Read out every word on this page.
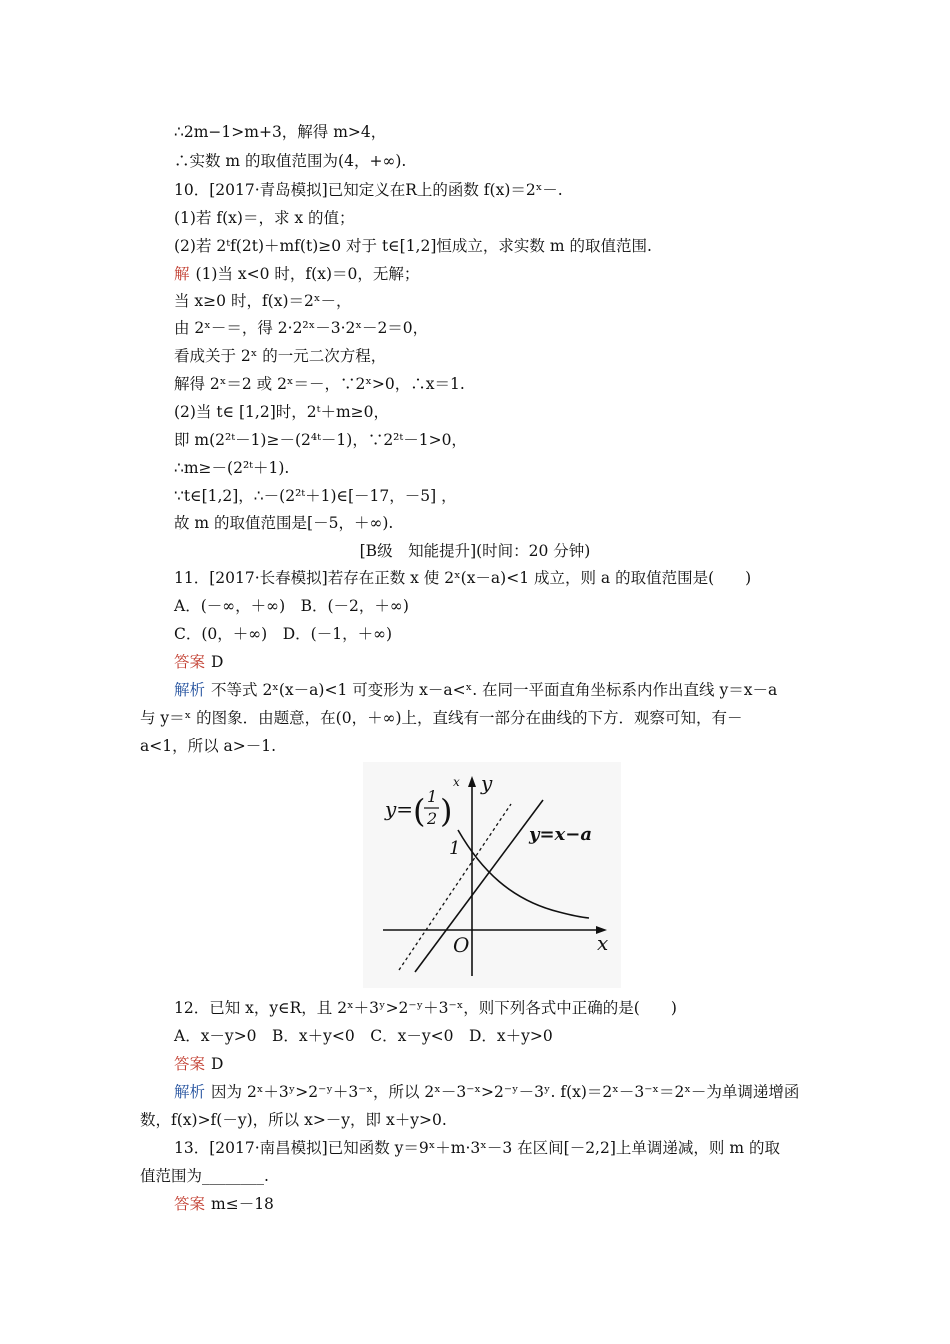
∴2m−1>m+3，解得 m>4，
∴实数 m 的取值范围为(4，+∞).
10．[2017·青岛模拟]已知定义在R上的函数 f(x)＝2ˣ－.
(1)若 f(x)＝，求 x 的值；
(2)若 2ᵗf(2t)＋mf(t)≥0 对于 t∈[1,2]恒成立，求实数 m 的取值范围.
解 (1)当 x<0 时，f(x)＝0，无解；
当 x≥0 时，f(x)＝2ˣ－，
由 2ˣ－＝，得 2·2²ˣ－3·2ˣ－2＝0，
看成关于 2ˣ 的一元二次方程，
解得 2ˣ＝2 或 2ˣ＝－，∵2ˣ>0，∴x＝1.
(2)当 t∈ [1,2]时，2ᵗ＋m≥0，
即 m(2²ᵗ－1)≥－(2⁴ᵗ－1)，∵2²ᵗ－1>0，
∴m≥－(2²ᵗ＋1).
∵t∈[1,2]，∴－(2²ᵗ＋1)∈[－17，－5] ，
故 m 的取值范围是[－5，＋∞).
[B级　知能提升](时间：20 分钟)
11．[2017·长春模拟]若存在正数 x 使 2ˣ(x－a)<1 成立，则 a 的取值范围是(　　)
A．(－∞，＋∞)　B．(－2，＋∞)
C．(0，＋∞)　D．(－1，＋∞)
答案 D
解析 不等式 2ˣ(x－a)<1 可变形为 x－a<ˣ. 在同一平面直角坐标系内作出直线 y＝x－a
与 y＝ˣ 的图象．由题意，在(0，＋∞)上，直线有一部分在曲线的下方．观察可知，有－
a<1，所以 a>－1.
y= ( 1
2 )
x y
y=x−a
1
O	x
12．已知 x，y∈R，且 2ˣ＋3ʸ>2⁻ʸ＋3⁻ˣ，则下列各式中正确的是(　　)
A．x－y>0　B．x＋y<0　C．x－y<0　D．x＋y>0
答案 D
解析 因为 2ˣ＋3ʸ>2⁻ʸ＋3⁻ˣ，所以 2ˣ－3⁻ˣ>2⁻ʸ－3ʸ. f(x)＝2ˣ－3⁻ˣ＝2ˣ－为单调递增函
数，f(x)>f(－y)，所以 x>－y，即 x＋y>0.
13．[2017·南昌模拟]已知函数 y＝9ˣ＋m·3ˣ－3 在区间[－2,2]上单调递减，则 m 的取
值范围为________.
答案 m≤－18
